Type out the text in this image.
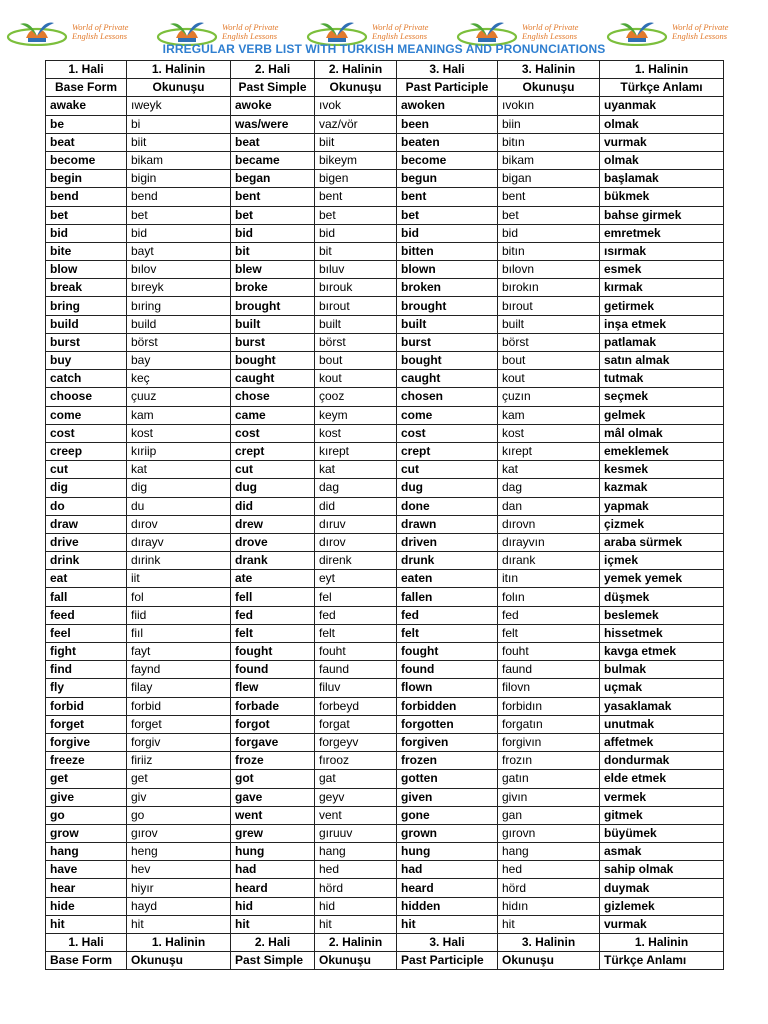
World of Private
English Lessons
World of Private
English Lessons
World of Private
English Lessons
World of Private
English Lessons
World of Private
English Lessons
IRREGULAR VERB LIST WITH TURKISH MEANINGS AND PRONUNCIATIONS
1. Hali	1. Halinin	2. Hali	2. Halinin	3. Hali	3. Halinin	1. Halinin
Base Form	Okunuşu	Past Simple	Okunuşu	Past Participle	Okunuşu	Türkçe Anlamı
awake	ıweyk	awoke	ıvok	awoken	ıvokın	uyanmak
be	bi	was/were	vaz/vör	been	biin	olmak
beat	biit	beat	biit	beaten	bitın	vurmak
become	bikam	became	bikeym	become	bikam	olmak
begin	bigin	began	bigen	begun	bigan	başlamak
bend	bend	bent	bent	bent	bent	bükmek
bet	bet	bet	bet	bet	bet	bahse girmek
bid	bid	bid	bid	bid	bid	emretmek
bite	bayt	bit	bit	bitten	bitın	ısırmak
blow	bılov	blew	bıluv	blown	bılovn	esmek
break	bıreyk	broke	bırouk	broken	bırokın	kırmak
bring	bıring	brought	bırout	brought	bırout	getirmek
build	build	built	built	built	built	inşa etmek
burst	börst	burst	börst	burst	börst	patlamak
buy	bay	bought	bout	bought	bout	satın almak
catch	keç	caught	kout	caught	kout	tutmak
choose	çuuz	chose	çooz	chosen	çuzın	seçmek
come	kam	came	keym	come	kam	gelmek
cost	kost	cost	kost	cost	kost	mâl olmak
creep	kıriip	crept	kırept	crept	kırept	emeklemek
cut	kat	cut	kat	cut	kat	kesmek
dig	dig	dug	dag	dug	dag	kazmak
do	du	did	did	done	dan	yapmak
draw	dırov	drew	dıruv	drawn	dırovn	çizmek
drive	dırayv	drove	dırov	driven	dırayvın	araba sürmek
drink	dırink	drank	direnk	drunk	dırank	içmek
eat	iit	ate	eyt	eaten	itın	yemek yemek
fall	fol	fell	fel	fallen	folın	düşmek
feed	fiid	fed	fed	fed	fed	beslemek
feel	fiıl	felt	felt	felt	felt	hissetmek
fight	fayt	fought	fouht	fought	fouht	kavga etmek
find	faynd	found	faund	found	faund	bulmak
fly	filay	flew	filuv	flown	filovn	uçmak
forbid	forbid	forbade	forbeyd	forbidden	forbidın	yasaklamak
forget	forget	forgot	forgat	forgotten	forgatın	unutmak
forgive	forgiv	forgave	forgeyv	forgiven	forgivın	affetmek
freeze	firiiz	froze	fırooz	frozen	frozın	dondurmak
get	get	got	gat	gotten	gatın	elde etmek
give	giv	gave	geyv	given	givın	vermek
go	go	went	vent	gone	gan	gitmek
grow	gırov	grew	gıruuv	grown	gırovn	büyümek
hang	heng	hung	hang	hung	hang	asmak
have	hev	had	hed	had	hed	sahip olmak
hear	hiyır	heard	hörd	heard	hörd	duymak
hide	hayd	hid	hid	hidden	hidın	gizlemek
hit	hit	hit	hit	hit	hit	vurmak
1. Hali	1. Halinin	2. Hali	2. Halinin	3. Hali	3. Halinin	1. Halinin
Base Form	Okunuşu	Past Simple	Okunuşu	Past Participle	Okunuşu	Türkçe Anlamı
